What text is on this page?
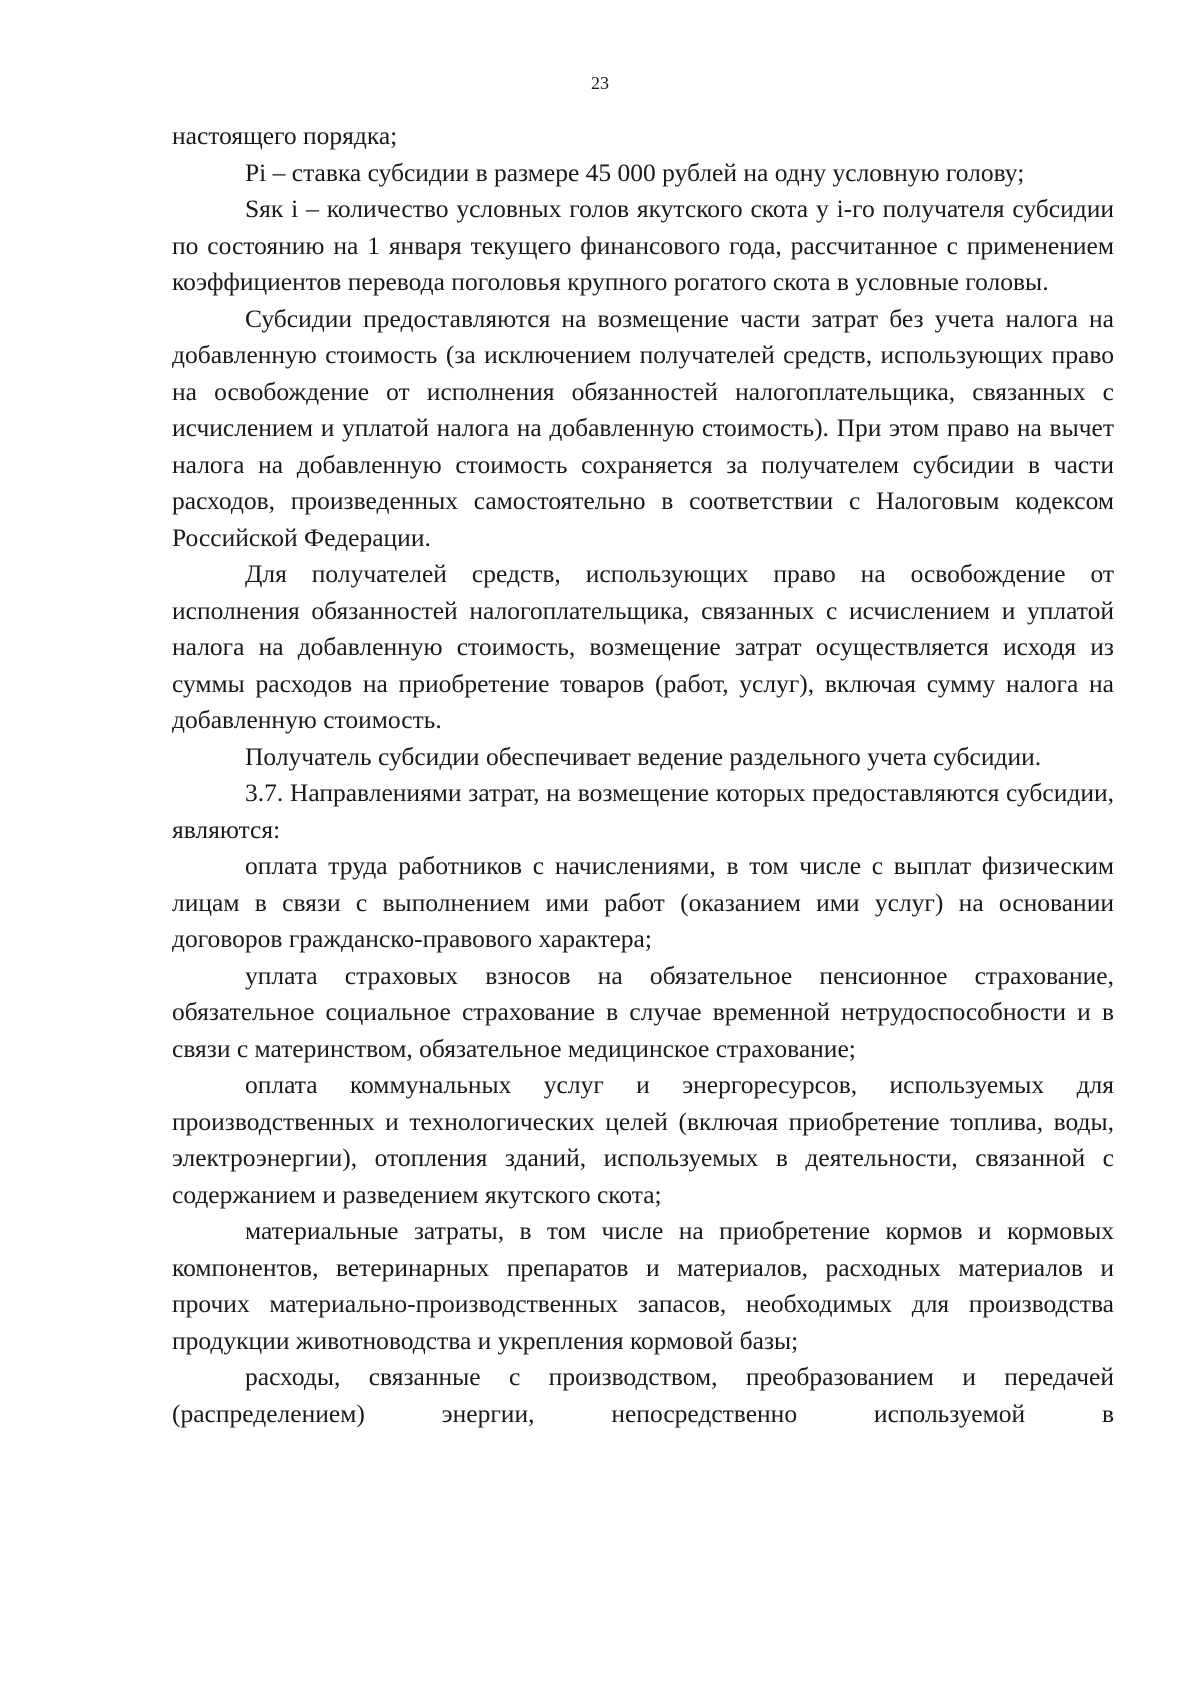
23

настоящего порядка;

Pi – ставка субсидии в размере 45 000 рублей на одну условную голову;

Sяк i – количество условных голов якутского скота у i-го получателя субсидии по состоянию на 1 января текущего финансового года, рассчитанное с применением коэффициентов перевода поголовья крупного рогатого скота в условные головы.

Субсидии предоставляются на возмещение части затрат без учета налога на добавленную стоимость (за исключением получателей средств, использующих право на освобождение от исполнения обязанностей налогоплательщика, связанных с исчислением и уплатой налога на добавленную стоимость). При этом право на вычет налога на добавленную стоимость сохраняется за получателем субсидии в части расходов, произведенных самостоятельно в соответствии с Налоговым кодексом Российской Федерации.

Для получателей средств, использующих право на освобождение от исполнения обязанностей налогоплательщика, связанных с исчислением и уплатой налога на добавленную стоимость, возмещение затрат осуществляется исходя из суммы расходов на приобретение товаров (работ, услуг), включая сумму налога на добавленную стоимость.

Получатель субсидии обеспечивает ведение раздельного учета субсидии.

3.7. Направлениями затрат, на возмещение которых предоставляются субсидии, являются:

оплата труда работников с начислениями, в том числе с выплат физическим лицам в связи с выполнением ими работ (оказанием ими услуг) на основании договоров гражданско-правового характера;

уплата страховых взносов на обязательное пенсионное страхование, обязательное социальное страхование в случае временной нетрудоспособности и в связи с материнством, обязательное медицинское страхование;

оплата коммунальных услуг и энергоресурсов, используемых для производственных и технологических целей (включая приобретение топлива, воды, электроэнергии), отопления зданий, используемых в деятельности, связанной с содержанием и разведением якутского скота;

материальные затраты, в том числе на приобретение кормов и кормовых компонентов, ветеринарных препаратов и материалов, расходных материалов и прочих материально-производственных запасов, необходимых для производства продукции животноводства и укрепления кормовой базы;

расходы, связанные с производством, преобразованием и передачей (распределением) энергии, непосредственно используемой в
